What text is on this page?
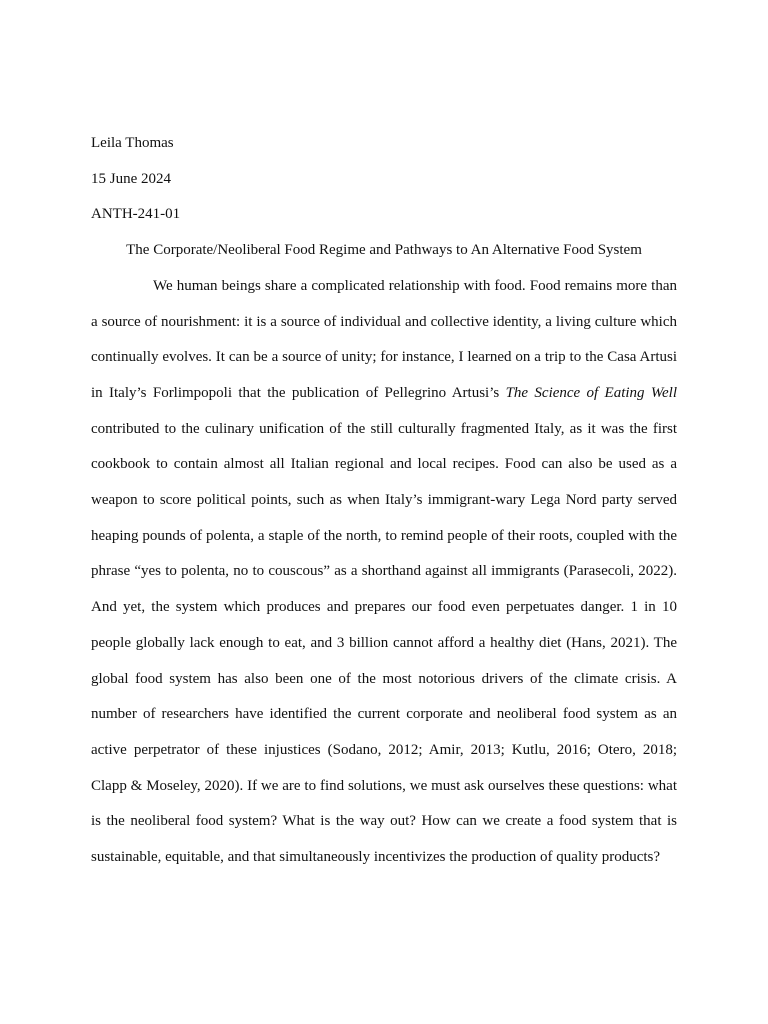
Leila Thomas
15 June 2024
ANTH-241-01
The Corporate/Neoliberal Food Regime and Pathways to An Alternative Food System

We human beings share a complicated relationship with food. Food remains more than a source of nourishment: it is a source of individual and collective identity, a living culture which continually evolves. It can be a source of unity; for instance, I learned on a trip to the Casa Artusi in Italy’s Forlimpopoli that the publication of Pellegrino Artusi’s The Science of Eating Well contributed to the culinary unification of the still culturally fragmented Italy, as it was the first cookbook to contain almost all Italian regional and local recipes. Food can also be used as a weapon to score political points, such as when Italy’s immigrant-wary Lega Nord party served heaping pounds of polenta, a staple of the north, to remind people of their roots, coupled with the phrase “yes to polenta, no to couscous” as a shorthand against all immigrants (Parasecoli, 2022). And yet, the system which produces and prepares our food even perpetuates danger. 1 in 10 people globally lack enough to eat, and 3 billion cannot afford a healthy diet (Hans, 2021). The global food system has also been one of the most notorious drivers of the climate crisis. A number of researchers have identified the current corporate and neoliberal food system as an active perpetrator of these injustices (Sodano, 2012; Amir, 2013; Kutlu, 2016; Otero, 2018; Clapp & Moseley, 2020). If we are to find solutions, we must ask ourselves these questions: what is the neoliberal food system? What is the way out? How can we create a food system that is sustainable, equitable, and that simultaneously incentivizes the production of quality products?
